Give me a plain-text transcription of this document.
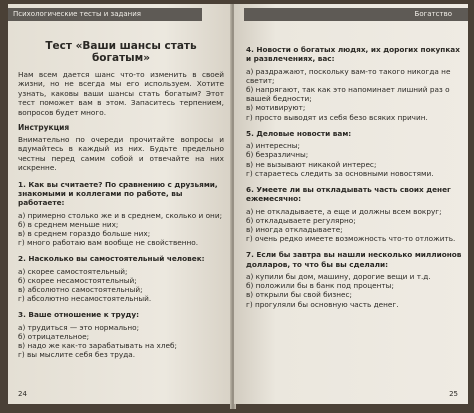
Психологические тесты и задания
Тест «Ваши шансы стать богатым»

Нам всем дается шанс что-то изменить в своей жизни, но не всегда мы его используем. Хотите узнать, каковы ваши шансы стать богатым? Этот тест поможет вам в этом. Запаситесь терпением, вопросов будет много.

Инструкция

Внимательно по очереди прочитайте вопросы и вдумайтесь в каждый из них. Будьте предельно честны перед самим собой и отвечайте на них искренне.

1. Как вы считаете? По сравнению с друзьями, знакомыми и коллегами по работе, вы работаете:

а) примерно столько же и в среднем, сколько и они;

б) в среднем меньше них;

в) в среднем гораздо больше них;

г) много работаю вам вообще не свойственно.

2. Насколько вы самостоятельный человек:

а) скорее самостоятельный;

б) скорее несамостоятельный;

в) абсолютно самостоятельный;

г) абсолютно несамостоятельный.

3. Ваше отношение к труду:

а) трудиться — это нормально;

б) отрицательное;

в) надо же как-то зарабатывать на хлеб;

г) вы мыслите себя без труда.

24
Богатство
4. Новости о богатых людях, их дорогих покупках и развлечениях, вас:

а) раздражают, поскольку вам-то такого никогда не светит;

б) напрягают, так как это напоминает лишний раз о вашей бедности;

в) мотивируют;

г) просто выводят из себя безо всяких причин.

5. Деловые новости вам:

а) интересны;

б) безразличны;

в) не вызывают никакой интерес;

г) стараетесь следить за основными новостями.

6. Умеете ли вы откладывать часть своих денег ежемесячно:

а) не откладываете, а еще и должны всем вокруг;

б) откладываете регулярно;

в) иногда откладываете;

г) очень редко имеете возможность что-то отложить.

7. Если бы завтра вы нашли несколько миллионов долларов, то что бы вы сделали:

а) купили бы дом, машину, дорогие вещи и т.д.

б) положили бы в банк под проценты;

в) открыли бы свой бизнес;

г) прогуляли бы основную часть денег.

25
